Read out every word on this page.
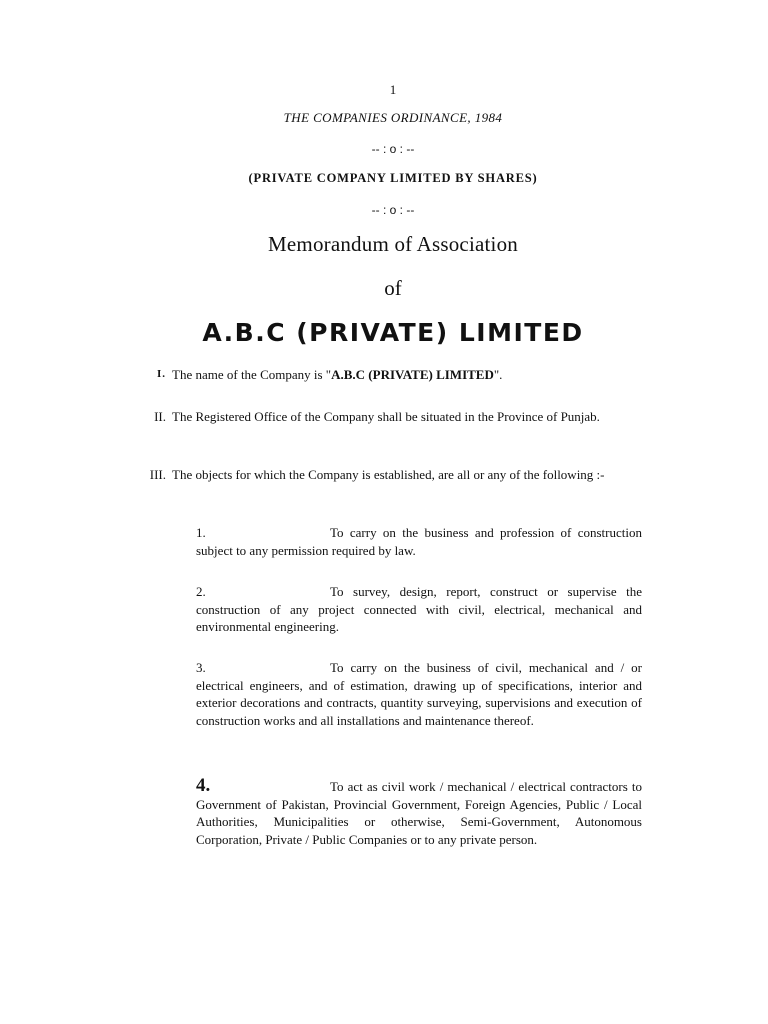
1
THE COMPANIES ORDINANCE, 1984
-- : o : --
(PRIVATE COMPANY LIMITED BY SHARES)
-- : o : --
Memorandum of Association
of
A.B.C (PRIVATE) LIMITED
I. The name of the Company is "A.B.C (PRIVATE) LIMITED".
II. The Registered Office of the Company shall be situated in the Province of Punjab.
III. The objects for which the Company is established, are all or any of the following :-
1.	To carry on the business and profession of construction subject to any permission required by law.
2.	To survey, design, report, construct or supervise the construction of any project connected with civil, electrical, mechanical and environmental engineering.
3.	To carry on the business of civil, mechanical and / or electrical engineers, and of estimation, drawing up of specifications, interior and exterior decorations and contracts, quantity surveying, supervisions and execution of construction works and all installations and maintenance thereof.
4.	To act as civil work / mechanical / electrical contractors to Government of Pakistan, Provincial Government, Foreign Agencies, Public / Local Authorities, Municipalities or otherwise, Semi-Government, Autonomous Corporation, Private / Public Companies or to any private person.
